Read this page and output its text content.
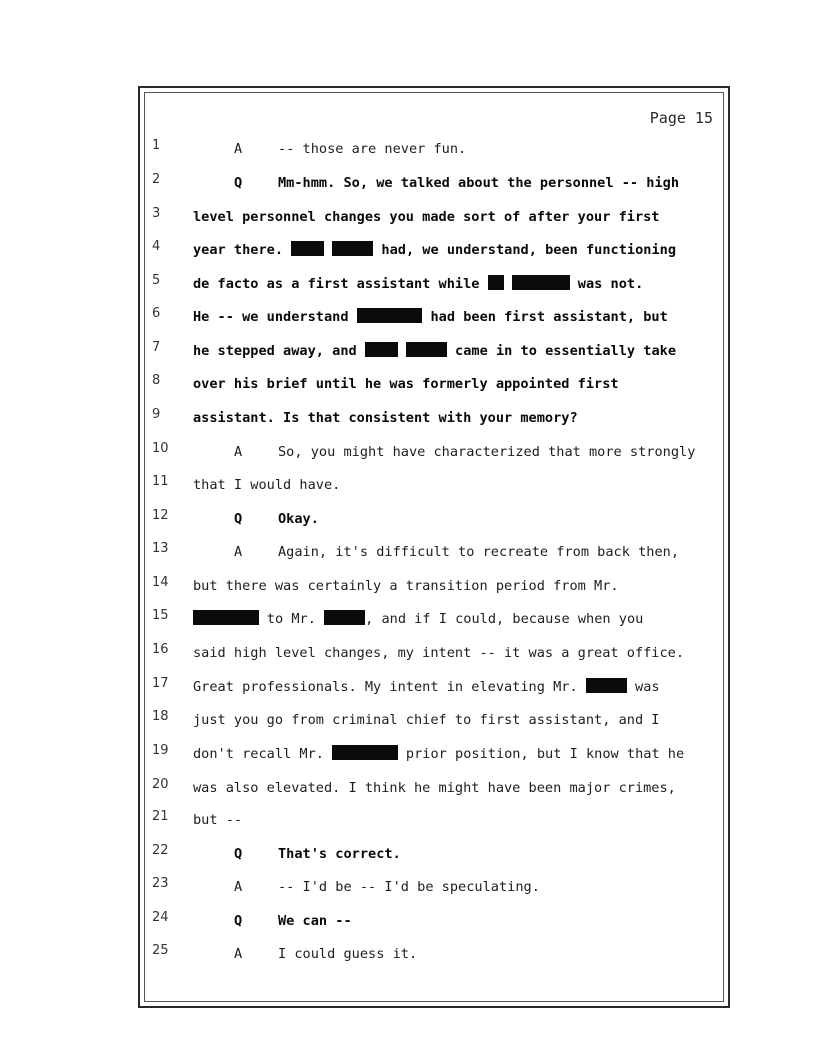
Page 15
1	A	-- those are never fun.
2	Q	Mm-hmm. So, we talked about the personnel -- high
3	level personnel changes you made sort of after your first
4	year there.	had, we understand, been functioning
5	de facto as a first assistant while	was not.
6	He -- we understand	had been first assistant, but
7	he stepped away, and	came in to essentially take
8	over his brief until he was formerly appointed first
9	assistant. Is that consistent with your memory?
10	A	So, you might have characterized that more strongly
11 that I would have.
12	Q	Okay.
13	A	Again, it's difficult to recreate from back then,
14 but there was certainly a transition period from Mr.
15	to Mr.	, and if I could, because when you
16 said high level changes, my intent -- it was a great office.
17 Great professionals. My intent in elevating Mr.	was
18 just you go from criminal chief to first assistant, and I
19 don't recall Mr.	prior position, but I know that he
20 was also elevated. I think he might have been major crimes,
21 but --
22	Q	That's correct.
23	A	-- I'd be -- I'd be speculating.
24	Q	We can --
25	A	I could guess it.
